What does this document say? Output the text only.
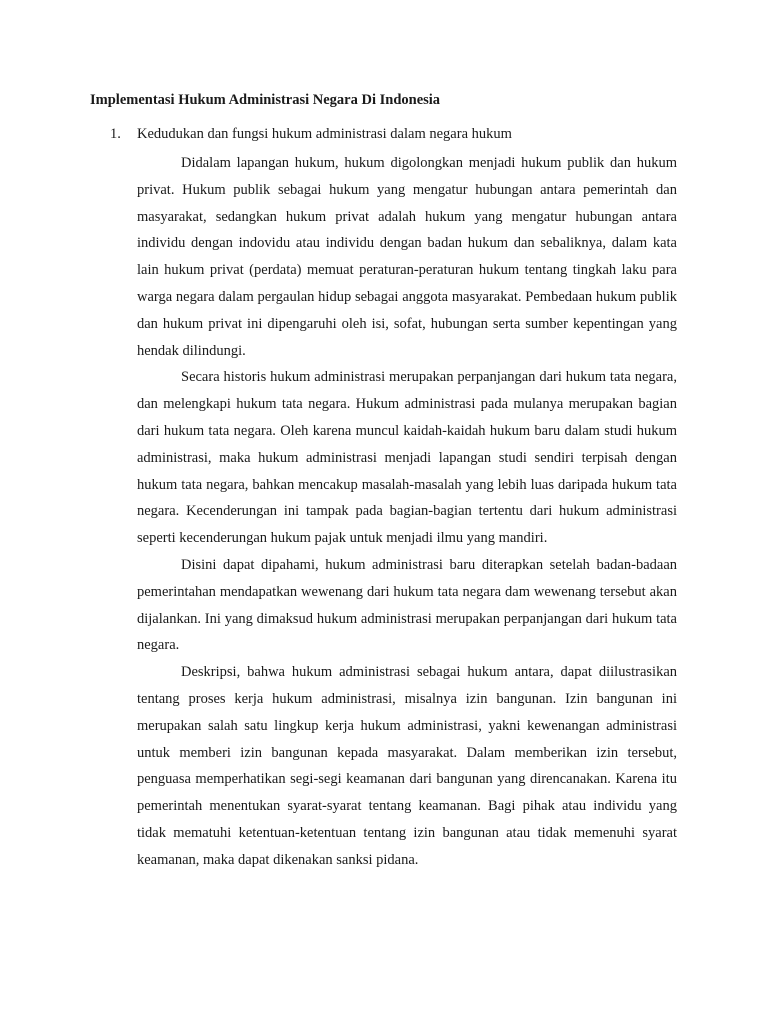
Implementasi Hukum Administrasi Negara Di Indonesia
1. Kedudukan dan fungsi hukum administrasi dalam negara hukum

Didalam lapangan hukum, hukum digolongkan menjadi hukum publik dan hukum privat. Hukum publik sebagai hukum yang mengatur hubungan antara pemerintah dan masyarakat, sedangkan hukum privat adalah hukum yang mengatur hubungan antara individu dengan indovidu atau individu dengan badan hukum dan sebaliknya, dalam kata lain hukum privat (perdata) memuat peraturan-peraturan hukum tentang tingkah laku para warga negara dalam pergaulan hidup sebagai anggota masyarakat. Pembedaan hukum publik dan hukum privat ini dipengaruhi oleh isi, sofat, hubungan serta sumber kepentingan yang hendak dilindungi.

Secara historis hukum administrasi merupakan perpanjangan dari hukum tata negara, dan melengkapi hukum tata negara. Hukum administrasi pada mulanya merupakan bagian dari hukum tata negara. Oleh karena muncul kaidah-kaidah hukum baru dalam studi hukum administrasi, maka hukum administrasi menjadi lapangan studi sendiri terpisah dengan hukum tata negara, bahkan mencakup masalah-masalah yang lebih luas daripada hukum tata negara. Kecenderungan ini tampak pada bagian-bagian tertentu dari hukum administrasi seperti kecenderungan hukum pajak untuk menjadi ilmu yang mandiri.

Disini dapat dipahami, hukum administrasi baru diterapkan setelah badan-badaan pemerintahan mendapatkan wewenang dari hukum tata negara dam wewenang tersebut akan dijalankan. Ini yang dimaksud hukum administrasi merupakan perpanjangan dari hukum tata negara.

Deskripsi, bahwa hukum administrasi sebagai hukum antara, dapat diilustrasikan tentang proses kerja hukum administrasi, misalnya izin bangunan. Izin bangunan ini merupakan salah satu lingkup kerja hukum administrasi, yakni kewenangan administrasi untuk memberi izin bangunan kepada masyarakat. Dalam memberikan izin tersebut, penguasa memperhatikan segi-segi keamanan dari bangunan yang direncanakan. Karena itu pemerintah menentukan syarat-syarat tentang keamanan. Bagi pihak atau individu yang tidak mematuhi ketentuan-ketentuan tentang izin bangunan atau tidak memenuhi syarat keamanan, maka dapat dikenakan sanksi pidana.
